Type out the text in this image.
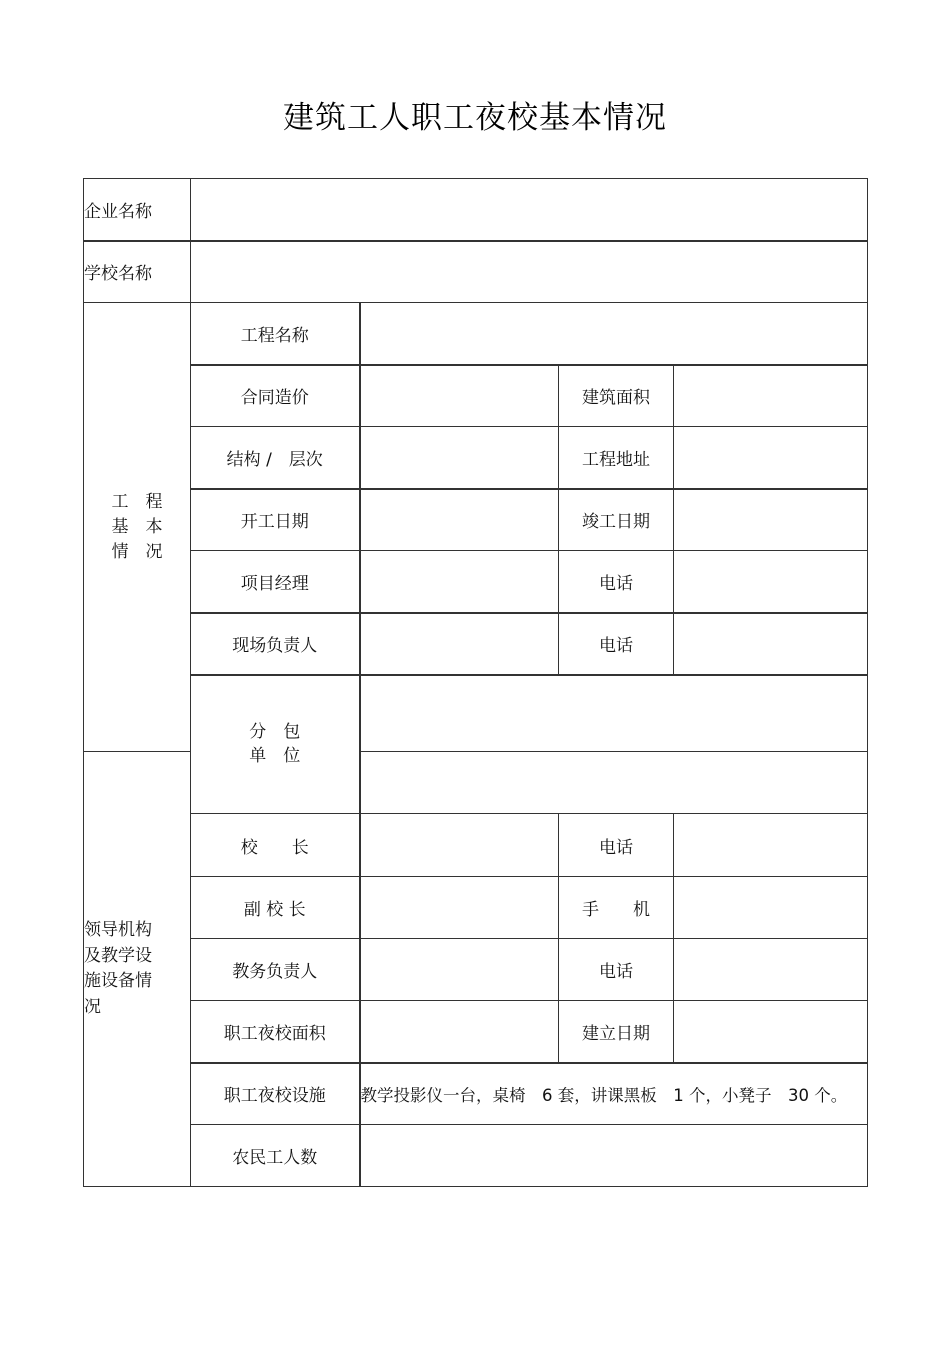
建筑工人职工夜校基本情况
企业名称				
学校名称				

工　程
基　本
情　况	工程名称			
	合同造价		建筑面积	
	结构 /　层次		工程地址	
	开工日期		竣工日期	
	项目经理		电话	
	现场负责人		电话	

	分　包
单　位			

领导机构
及教学设
施设备情
况				

	校　　长		电话	
	副 校 长		手　　机	
	教务负责人		电话	
	职工夜校面积		建立日期	
	职工夜校设施	教学投影仪一台，桌椅　6 套，讲课黑板　1 个，小凳子　30 个。		
	农民工人数			
